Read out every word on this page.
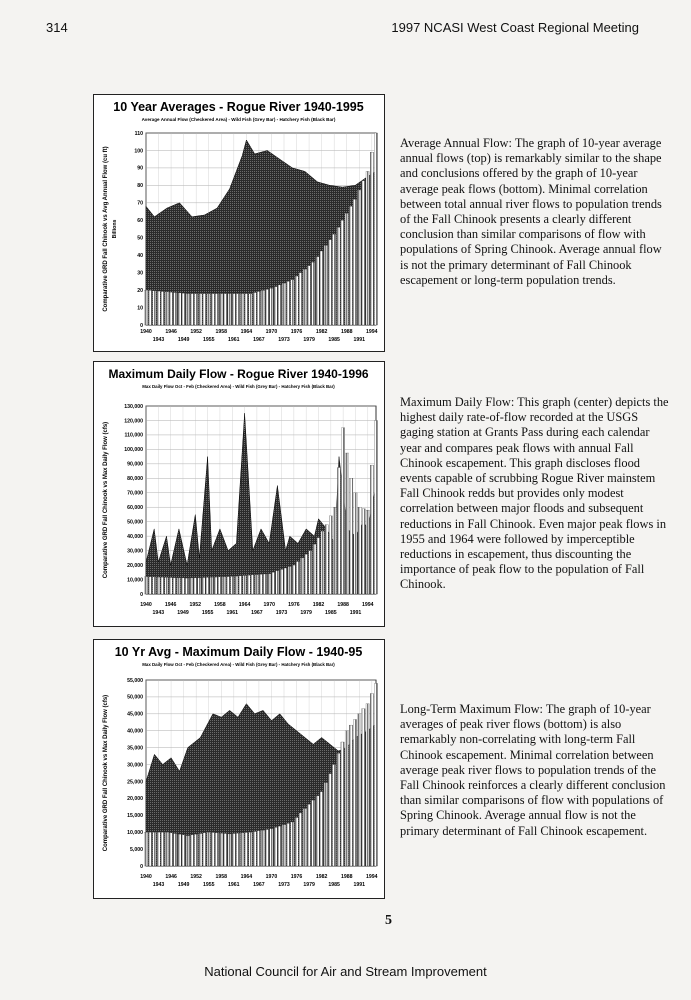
314	1997 NCASI West Coast Regional Meeting
10 Year Averages - Rogue River 1940-1995
Average Annual Flow (Checkered Area) - Wild Fish (Grey Bar) - Hatchery Fish (Black Bar)
110
100
90
80
70
60
50
40
30
20
10
0
Comparative GRD Fall Chinook vs Avg Annual Flow (cu ft) Billions
1940	1946	1952	1958	1964	1970	1976	1982	1988	1994
1943	1949	1955	1961	1967	1973	1979	1985	1991
Maximum Daily Flow - Rogue River 1940-1996
Max Daily Flow Oct - Feb (Checkered Area) - Wild Fish (Grey Bar) - Hatchery Fish (Black Bar)
130,000
120,000
110,000
100,000
90,000
80,000
70,000
60,000
50,000
40,000
30,000
20,000
10,000
0
Comparative GRD Fall Chinook vs Max Daily Flow (cfs)
1940	1946	1952	1958	1964	1970	1976	1982	1988	1994
1943	1949	1955	1961	1967	1973	1979	1985	1991
10 Yr Avg - Maximum Daily Flow - 1940-95
Max Daily Flow Oct - Feb (Checkered Area) - Wild Fish (Grey Bar) - Hatchery Fish (Black Bar)
55,000
50,000
45,000
40,000
35,000
30,000
25,000
20,000
15,000
10,000
5,000
0
Comparative GRD Fall Chinook vs Max Daily Flow (cfs)
1940	1946	1952	1958	1964	1970	1976	1982	1988	1994
1943	1949	1955	1961	1967	1973	1979	1985	1991
Average Annual Flow: The graph of 10-year average annual flows (top) is remarkably similar to the shape and conclusions offered by the graph of 10-year average peak flows (bottom). Minimal correlation between total annual river flows to population trends of the Fall Chinook presents a clearly different conclusion than similar comparisons of flow with populations of Spring Chinook. Average annual flow is not the primary determinant of Fall Chinook escapement or long-term population trends.
Maximum Daily Flow: This graph (center) depicts the highest daily rate-of-flow recorded at the USGS gaging station at Grants Pass during each calendar year and compares peak flows with annual Fall Chinook escapement. This graph discloses flood events capable of scrubbing Rogue River mainstem Fall Chinook redds but provides only modest correlation between major floods and subsequent reductions in Fall Chinook. Even major peak flows in 1955 and 1964 were followed by imperceptible reductions in escapement, thus discounting the importance of peak flow to the population of Fall Chinook.
Long-Term Maximum Flow: The graph of 10-year averages of peak river flows (bottom) is also remarkably non-correlating with long-term Fall Chinook escapement. Minimal correlation between average peak river flows to population trends of the Fall Chinook reinforces a clearly different conclusion than similar comparisons of flow with populations of Spring Chinook. Average annual flow is not the primary determinant of Fall Chinook escapement.
5
National Council for Air and Stream Improvement
